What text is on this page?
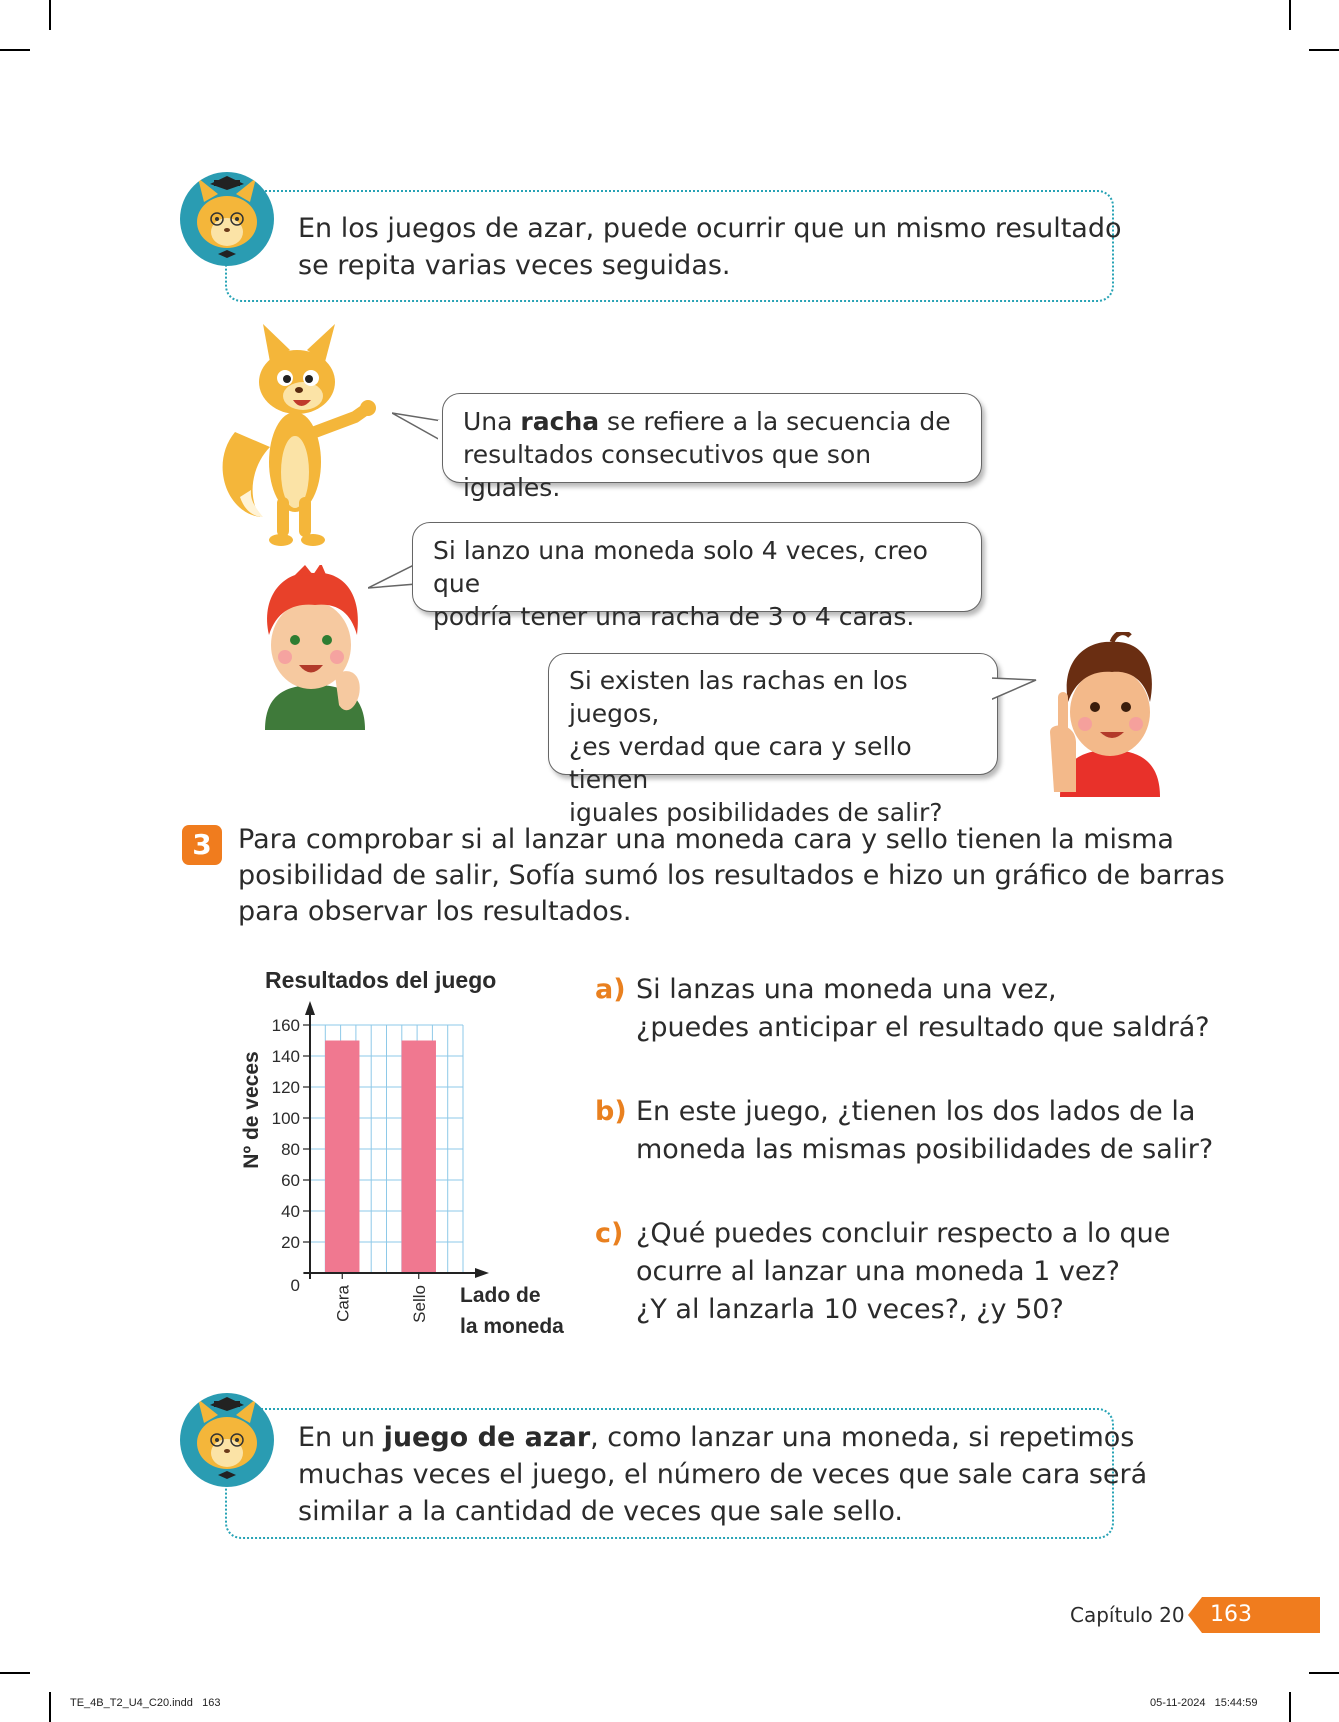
En los juegos de azar, puede ocurrir que un mismo resultado
se repita varias veces seguidas.
Una racha se refiere a la secuencia de
resultados consecutivos que son iguales.
Si lanzo una moneda solo 4 veces, creo que
podría tener una racha de 3 o 4 caras.
Si existen las rachas en los juegos,
¿es verdad que cara y sello tienen
iguales posibilidades de salir?
3 Para comprobar si al lanzar una moneda cara y sello tienen la misma
posibilidad de salir, Sofía sumó los resultados e hizo un gráfico de barras
para observar los resultados.
Resultados del juego
Nº de veces
0
20
40
60
80
100
120
140
160
Cara	Sello Lado de
la moneda
a) Si lanzas una moneda una vez,
¿puedes anticipar el resultado que saldrá?
b) En este juego, ¿tienen los dos lados de la
moneda las mismas posibilidades de salir?
c) ¿Qué puedes concluir respecto a lo que
ocurre al lanzar una moneda 1 vez?
¿Y al lanzarla 10 veces?, ¿y 50?
En un juego de azar, como lanzar una moneda, si repetimos
muchas veces el juego, el número de veces que sale cara será
similar a la cantidad de veces que sale sello.
Capítulo 20 163
TE_4B_T2_U4_C20.indd   163	05-11-2024   15:44:59
